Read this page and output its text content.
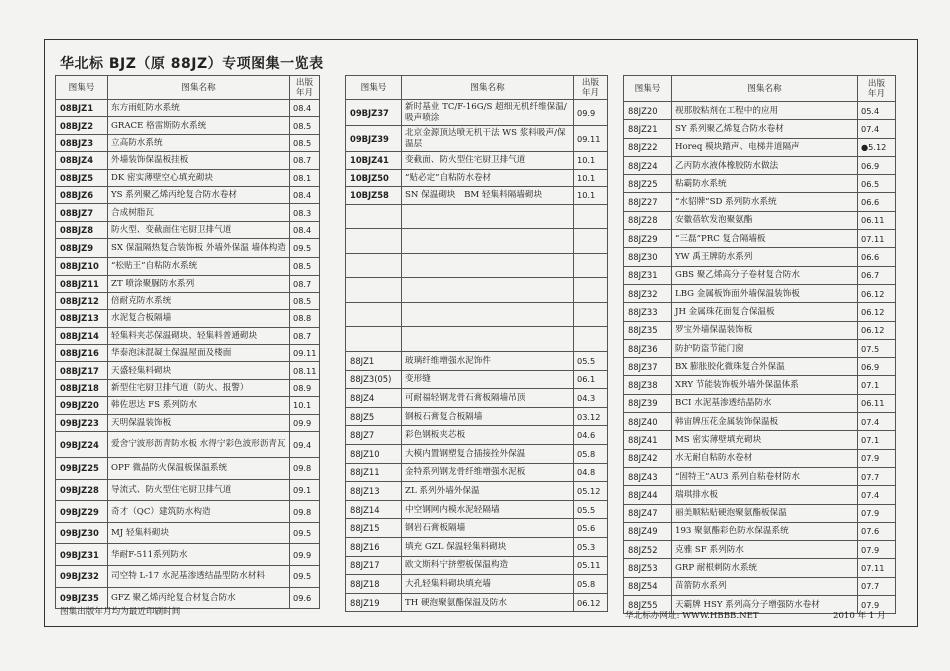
华北标 BJZ（原 88JZ）专项图集一览表
图集号	图集名称	出版
年月
08BJZ1	东方雨虹防水系统	08.4
08BJZ2	GRACE 格雷斯防水系统	08.5
08BJZ3	立高防水系统	08.5
08BJZ4	外墙装饰保温板挂板	08.7
08BJZ5	DK 密实薄壁空心填充砌块	08.1
08BJZ6	YS 系列聚乙烯丙纶复合防水卷材	08.4
08BJZ7	合成树脂瓦	08.3
08BJZ8	防火型、变截面住宅厨卫排气道	08.4
08BJZ9	SX 保温隔热复合装饰板 外墙外保温 墙体构造	09.5
08BJZ10	“松贴王”自粘防水系统	08.5
08BJZ11	ZT 喷涂聚脲防水系列	08.7
08BJZ12	倍耐克防水系统	08.5
08BJZ13	水泥复合板隔墙	08.8
08BJZ14	轻集料夹芯保温砌块、轻集料普通砌块	08.7
08BJZ16	华泰泡沫混凝土保温屋面及楼面	09.11
08BJZ17	天盛轻集料砌块	08.11
08BJZ18	新型住宅厨卫排气道（防火、报警）	08.9
09BJZ20	韩佐思达 FS 系列防水	10.1
09BJZ23	天明保温装饰板	09.9
09BJZ24	爱舍宁波形沥青防水板 水得宁彩色波形沥青瓦	09.4
09BJZ25	OPF 微晶防火保温板保温系统	09.8
09BJZ28	导流式、防火型住宅厨卫排气道	09.1
09BJZ29	奇才（QC）建筑防水构造	09.8
09BJZ30	MJ 轻集料砌块	09.5
09BJZ31	华耐F-511系列防水	09.9
09BJZ32	司空特 L-17 水泥基渗透结晶型防水材料	09.5
09BJZ35	GFZ 聚乙烯丙纶复合材复合防水	09.6
图集号	图集名称	出版
年月
09BJZ37	新时基业 TC/F-16G/S 超细无机纤维保温/吸声喷涂	09.9
09BJZ39	北京金源顶达喷无机干法 WS 浆料吸声/保温层	09.11
10BJZ41	变截面、防火型住宅厨卫排气道	10.1
10BJZ50	“贴必定”自粘防水卷材	10.1
10BJZ58	SN 保温砌块　BM 轻集料隔墙砌块	10.1

88JZ1	玻璃纤维增强水泥饰件	05.5
88JZ3(05)	变形缝	06.1
88JZ4	可耐福轻钢龙骨石膏板隔墙吊顶	04.3
88JZ5	钢板石膏复合板隔墙	03.12
88JZ7	彩色钢板夹芯板	04.6
88JZ10	大模内置钢塑复合插接拴外保温	05.8
88JZ11	金特系列钢龙骨纤维增强水泥板	04.8
88JZ13	ZL 系列外墙外保温	05.12
88JZ14	中空钢网内模水泥轻隔墙	05.5
88JZ15	钢岩石膏板隔墙	05.6
88JZ16	填充 GZL 保温轻集料砌块	05.3
88JZ17	欧文斯科宁挤塑板保温构造	05.11
88JZ18	大孔轻集料砌块填充墙	05.8
88JZ19	TH 硬泡聚氨酯保温及防水	06.12
图集号	图集名称	出版
年月
88JZ20	视那胶粘剂在工程中的应用	05.4
88JZ21	SY 系列聚乙烯复合防水卷材	07.4
88JZ22	Horeq 模块踏声、电梯井道隔声	●5.12
88JZ24	乙丙防水液体橡胶防水做法	06.9
88JZ25	粘霸防水系统	06.5
88JZ27	“水貂牌”SD 系列防水系统	06.6
88JZ28	安徽蓓软发泡聚氨酯	06.11
88JZ29	“三磊”PRC 复合隔墙板	07.11
88JZ30	YW 禹王牌防水系列	06.6
88JZ31	GBS 聚乙烯高分子卷材复合防水	06.7
88JZ32	LBG 金属板饰面外墙保温装饰板	06.12
88JZ33	JH 金属珠花面复合保温板	06.12
88JZ35	罗宝外墙保温装饰板	06.12
88JZ36	防护防盗节能门窗	07.5
88JZ37	BX 膨胀胶化微珠复合外保温	06.9
88JZ38	XRY 节能装饰板外墙外保温体系	07.1
88JZ39	BCI 水泥基渗透结晶防水	06.11
88JZ40	韩宙牌压花金属装饰保温板	07.4
88JZ41	MS 密实薄壁填充砌块	07.1
88JZ42	水无耐自粘防水卷材	07.9
88JZ43	“固特王”AU3 系列自粘卷材防水	07.7
88JZ44	瑞琪排水板	07.4
88JZ47	丽美顺粘贴硬泡聚氨酯板保温	07.9
88JZ49	193 聚氨酯彩色防水保温系统	07.6
88JZ52	克雅 SF 系列防水	07.9
88JZ53	GRP 耐根刺防水系统	07.11
88JZ54	苗箭防水系列	07.7
88JZ55	天霸牌 HSY 系列高分子增强防水卷材	07.9
图集出版年月均为最近印刷时间	华北标办网址: WWW.HBBB.NET	2010 年 1 月
